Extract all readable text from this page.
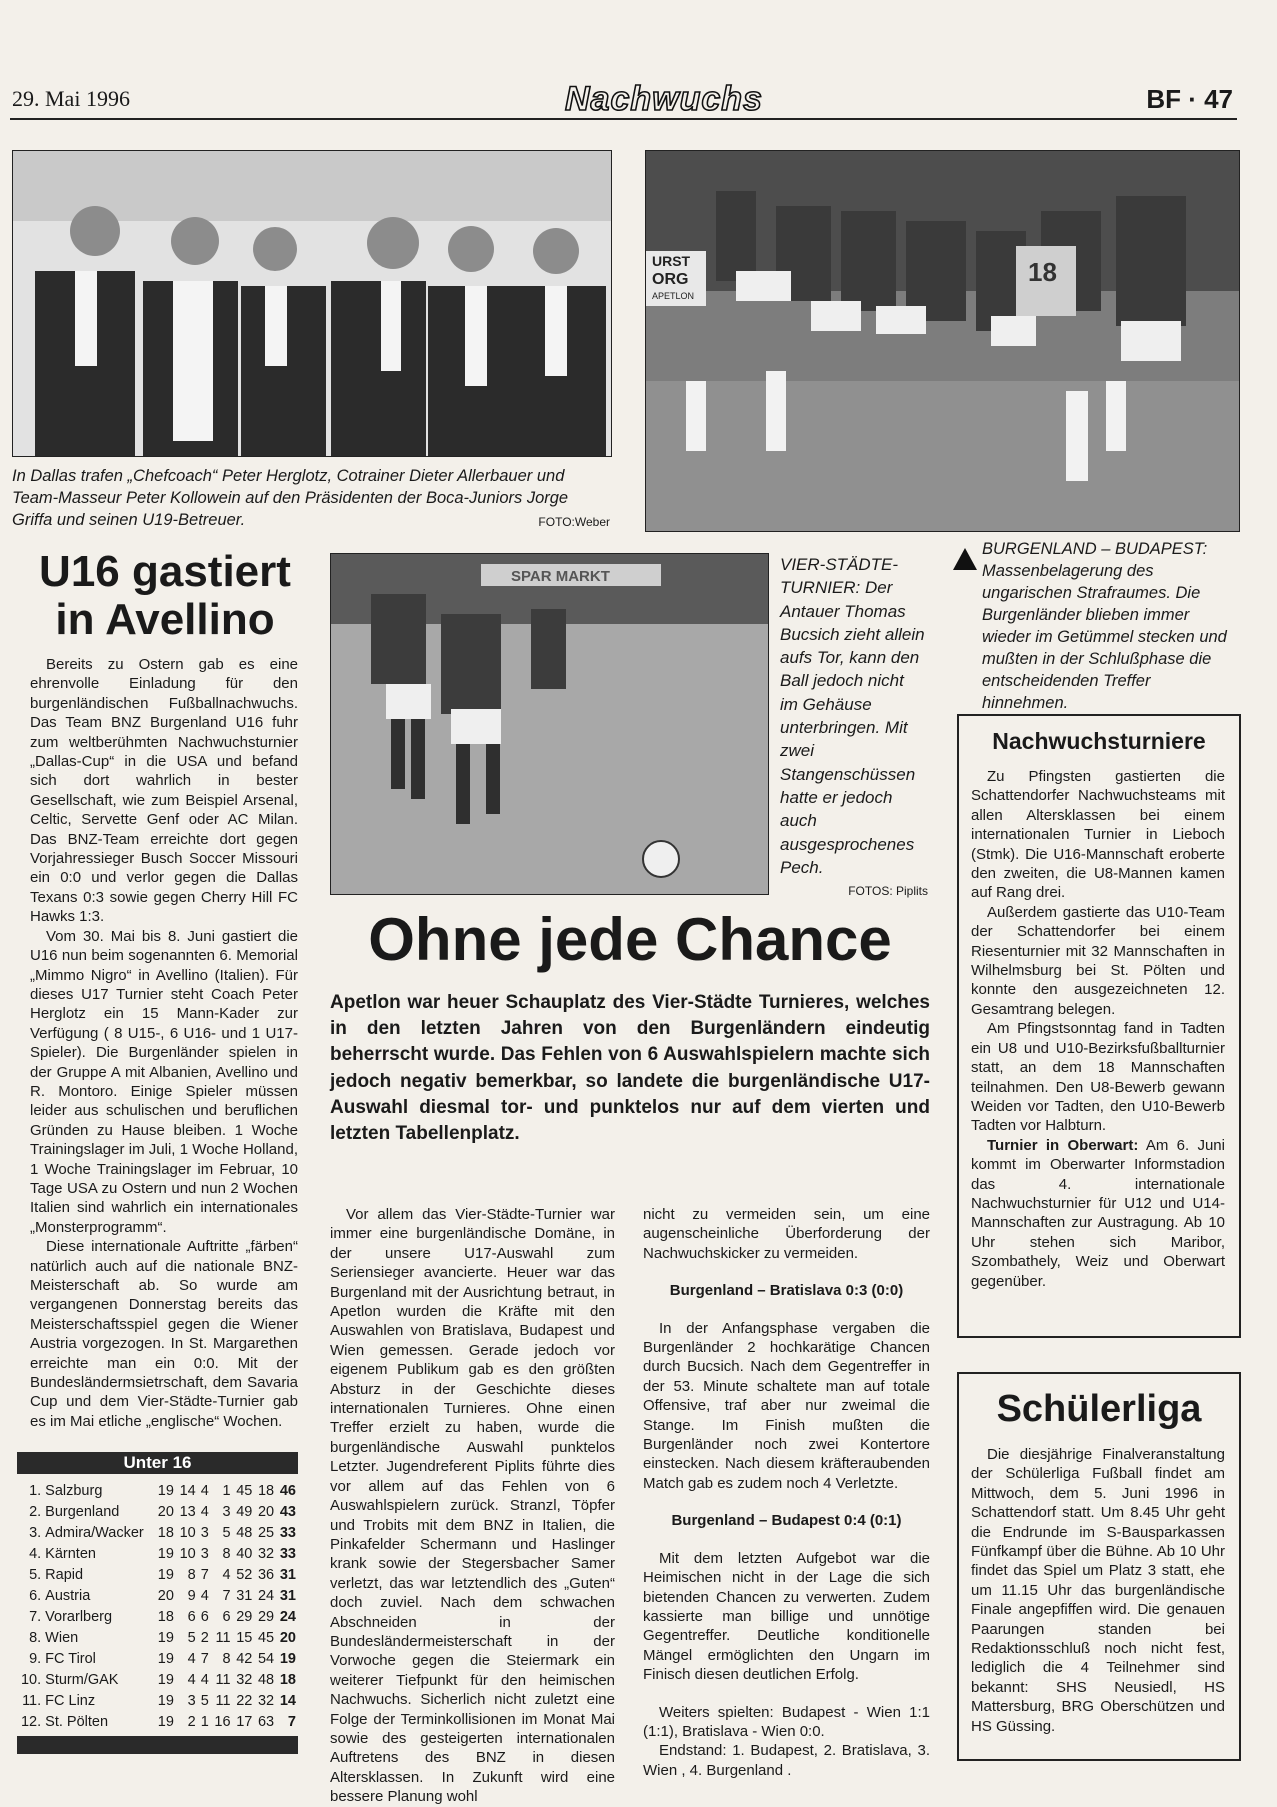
29. Mai 1996	Nachwuchs	BF · 47
In Dallas trafen „Chefcoach“ Peter Herglotz, Cotrainer Dieter Allerbauer und Team-Masseur Peter Kollowein auf den Präsidenten der Boca-Juniors Jorge Griffa und seinen U19-Betreuer.	FOTO:Weber
URST
ORG
APETLON
18
BURGENLAND – BUDAPEST: Massenbelagerung des ungarischen Strafraumes. Die Burgenländer blieben immer wieder im Getümmel stecken und mußten in der Schlußphase die entscheidenden Treffer hinnehmen.
U16 gastiert in Avellino

Bereits zu Ostern gab es eine ehrenvolle Einladung für den burgenländischen Fußballnachwuchs. Das Team BNZ Burgenland U16 fuhr zum weltberühmten Nachwuchsturnier „Dallas-Cup“ in die USA und befand sich dort wahrlich in bester Gesellschaft, wie zum Beispiel Arsenal, Celtic, Servette Genf oder AC Milan. Das BNZ-Team erreichte dort gegen Vorjahressieger Busch Soccer Missouri ein 0:0 und verlor gegen die Dallas Texans 0:3 sowie gegen Cherry Hill FC Hawks 1:3.

Vom 30. Mai bis 8. Juni gastiert die U16 nun beim sogenannten 6. Memorial „Mimmo Nigro“ in Avellino (Italien). Für dieses U17 Turnier steht Coach Peter Herglotz ein 15 Mann-Kader zur Verfügung ( 8 U15-, 6 U16- und 1 U17-Spieler). Die Burgenländer spielen in der Gruppe A mit Albanien, Avellino und R. Montoro. Einige Spieler müssen leider aus schulischen und beruflichen Gründen zu Hause bleiben. 1 Woche Trainingslager im Juli, 1 Woche Holland, 1 Woche Trainingslager im Februar, 10 Tage USA zu Ostern und nun 2 Wochen Italien sind wahrlich ein internationales „Monsterprogramm“.

Diese internationale Auftritte „färben“ natürlich auch auf die nationale BNZ-Meisterschaft ab. So wurde am vergangenen Donnerstag bereits das Meisterschaftsspiel gegen die Wiener Austria vorgezogen. In St. Margarethen erreichte man ein 0:0. Mit der Bundesländermsietrschaft, dem Savaria Cup und dem Vier-Städte-Turnier gab es im Mai etliche „englische“ Wochen.

Unter 16
1.	Salzburg	19	14	4	1	45	18	46
2.	Burgenland	20	13	4	3	49	20	43
3.	Admira/Wacker	18	10	3	5	48	25	33
4.	Kärnten	19	10	3	8	40	32	33
5.	Rapid	19	8	7	4	52	36	31
6.	Austria	20	9	4	7	31	24	31
7.	Vorarlberg	18	6	6	6	29	29	24
8.	Wien	19	5	2	11	15	45	20
9.	FC Tirol	19	4	7	8	42	54	19
10.	Sturm/GAK	19	4	4	11	32	48	18
11.	FC Linz	19	3	5	11	22	32	14
12.	St. Pölten	19	2	1	16	17	63	7
SPAR MARKT
VIER-STÄDTE-TURNIER: Der Antauer Thomas Bucsich zieht allein aufs Tor, kann den Ball jedoch nicht im Gehäuse unterbringen. Mit zwei Stangenschüssen hatte er jedoch auch ausgesprochenes Pech.
FOTOS: Piplits
Ohne jede Chance
Apetlon war heuer Schauplatz des Vier-Städte Turnieres, welches in den letzten Jahren von den Burgenländern eindeutig beherrscht wurde. Das Fehlen von 6 Auswahlspielern machte sich jedoch negativ bemerkbar, so landete die burgenländische U17-Auswahl diesmal tor- und punktelos nur auf dem vierten und letzten Tabellenplatz.

Vor allem das Vier-Städte-Turnier war immer eine burgenländische Domäne, in der unsere U17-Auswahl zum Seriensieger avancierte. Heuer war das Burgenland mit der Ausrichtung betraut, in Apetlon wurden die Kräfte mit den Auswahlen von Bratislava, Budapest und Wien gemessen. Gerade jedoch vor eigenem Publikum gab es den größten Absturz in der Geschichte dieses internationalen Turnieres. Ohne einen Treffer erzielt zu haben, wurde die burgenländische Auswahl punktelos Letzter. Jugendreferent Piplits führte dies vor allem auf das Fehlen von 6 Auswahlspielern zurück. Stranzl, Töpfer und Trobits mit dem BNZ in Italien, die Pinkafelder Schermann und Haslinger krank sowie der Stegersbacher Samer verletzt, das war letztendlich des „Guten“ doch zuviel. Nach dem schwachen Abschneiden in der Bundesländermeisterschaft in der Vorwoche gegen die Steiermark ein weiterer Tiefpunkt für den heimischen Nachwuchs. Sicherlich nicht zuletzt eine Folge der Terminkollisionen im Monat Mai sowie des gesteigerten internationalen Auftretens des BNZ in diesen Altersklassen. In Zukunft wird eine bessere Planung wohl

nicht zu vermeiden sein, um eine augenscheinliche Überforderung der Nachwuchskicker zu vermeiden.

Burgenland – Bratislava 0:3 (0:0)

In der Anfangsphase vergaben die Burgenländer 2 hochkarätige Chancen durch Bucsich. Nach dem Gegentreffer in der 53. Minute schaltete man auf totale Offensive, traf aber nur zweimal die Stange. Im Finish mußten die Burgenländer noch zwei Kontertore einstecken. Nach diesem kräfteraubenden Match gab es zudem noch 4 Verletzte.

Burgenland – Budapest 0:4 (0:1)

Mit dem letzten Aufgebot war die Heimischen nicht in der Lage die sich bietenden Chancen zu verwerten. Zudem kassierte man billige und unnötige Gegentreffer. Deutliche konditionelle Mängel ermöglichten den Ungarn im Finisch diesen deutlichen Erfolg.

Weiters spielten: Budapest - Wien 1:1 (1:1), Bratislava - Wien 0:0.

Endstand: 1. Budapest, 2. Bratislava, 3. Wien , 4. Burgenland .

Nachwuchsturniere

Zu Pfingsten gastierten die Schattendorfer Nachwuchsteams mit allen Altersklassen bei einem internationalen Turnier in Lieboch (Stmk). Die U16-Mannschaft eroberte den zweiten, die U8-Mannen kamen auf Rang drei.

Außerdem gastierte das U10-Team der Schattendorfer bei einem Riesenturnier mit 32 Mannschaften in Wilhelmsburg bei St. Pölten und konnte den ausgezeichneten 12. Gesamtrang belegen.

Am Pfingstsonntag fand in Tadten ein U8 und U10-Bezirksfußballturnier statt, an dem 18 Mannschaften teilnahmen. Den U8-Bewerb gewann Weiden vor Tadten, den U10-Bewerb Tadten vor Halbturn.

Turnier in Oberwart: Am 6. Juni kommt im Oberwarter Informstadion das 4. internationale Nachwuchsturnier für U12 und U14-Mannschaften zur Austragung. Ab 10 Uhr stehen sich Maribor, Szombathely, Weiz und Oberwart gegenüber.

Schülerliga

Die diesjährige Finalveranstaltung der Schülerliga Fußball findet am Mittwoch, dem 5. Juni 1996 in Schattendorf statt. Um 8.45 Uhr geht die Endrunde im S-Bausparkassen Fünfkampf über die Bühne. Ab 10 Uhr findet das Spiel um Platz 3 statt, ehe um 11.15 Uhr das burgenländische Finale angepfiffen wird. Die genauen Paarungen standen bei Redaktionsschluß noch nicht fest, lediglich die 4 Teilnehmer sind bekannt: SHS Neusiedl, HS Mattersburg, BRG Oberschützen und HS Güssing.
